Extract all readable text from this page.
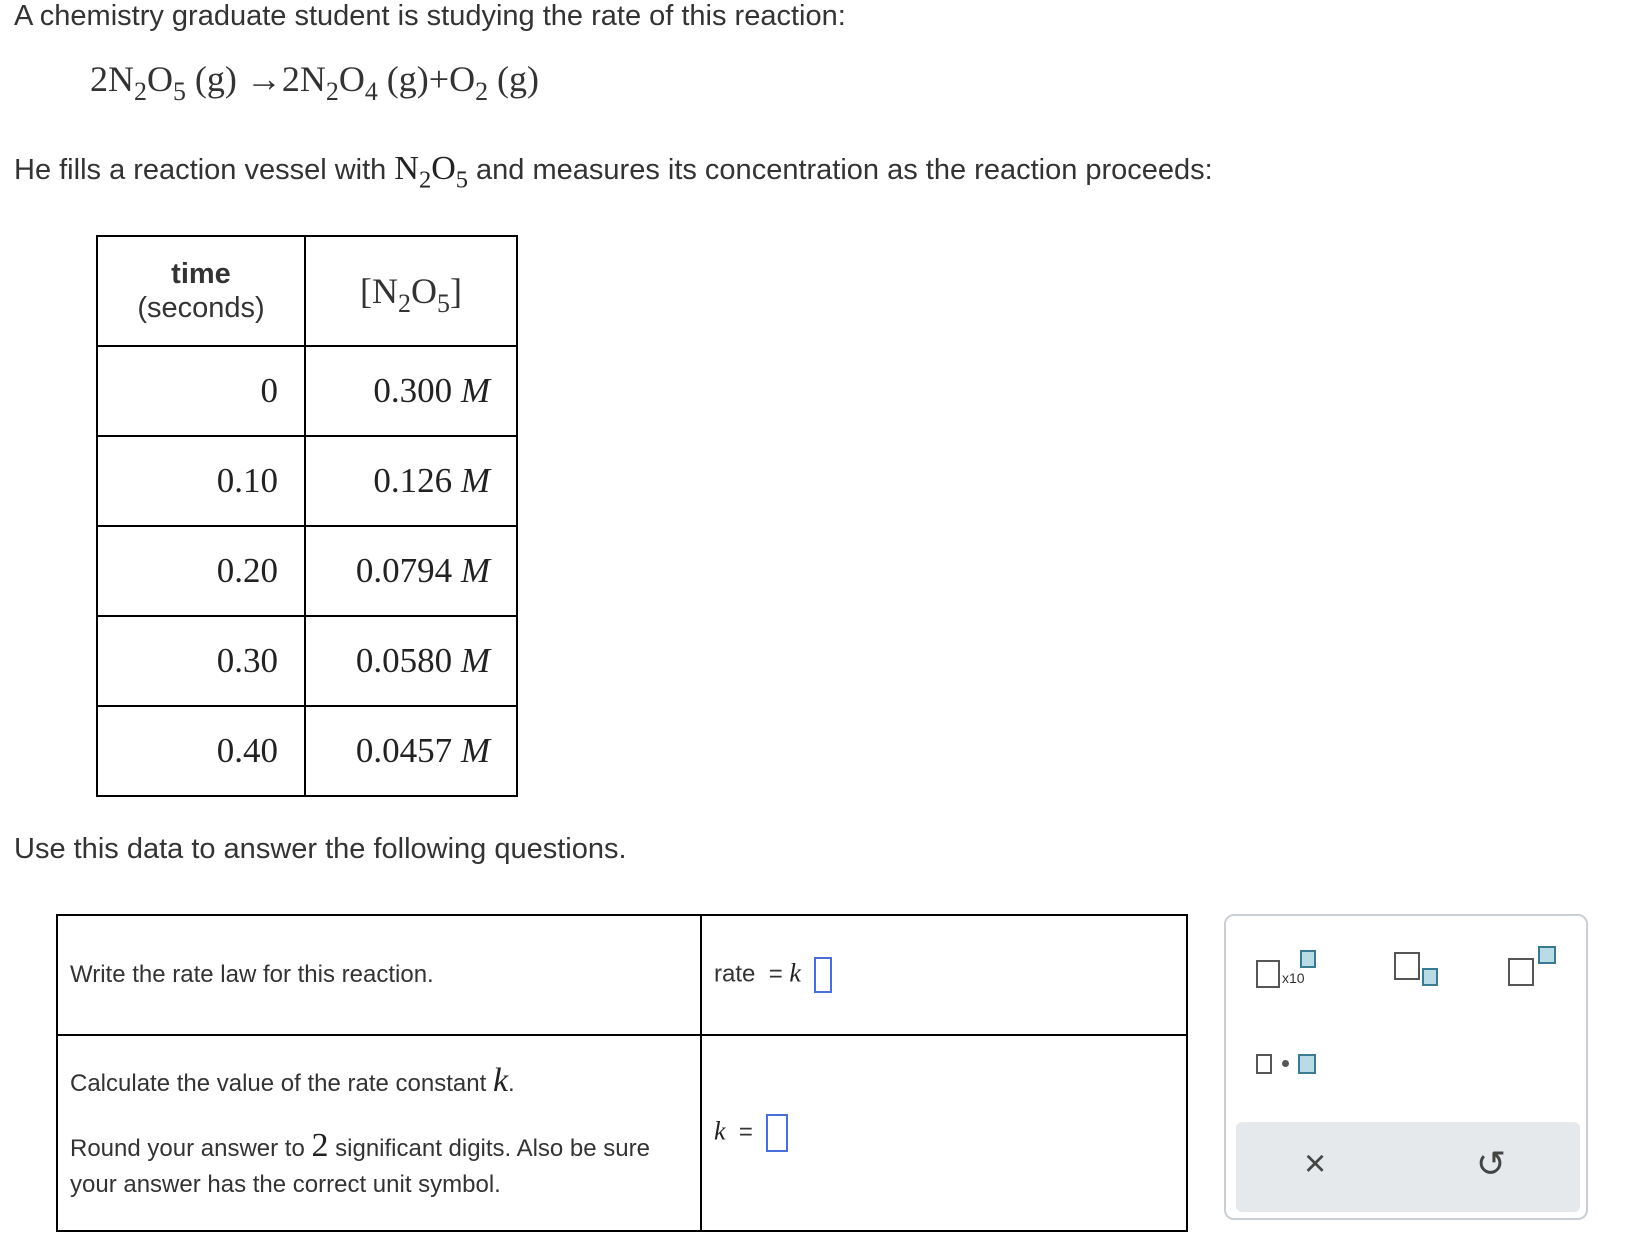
A chemistry graduate student is studying the rate of this reaction:
$2N_2O_5$ $(g) \to 2N_2O_4$ $(g)+O_2$ (g)
He fills a reaction vessel with $N_2O_5$ and measures its concentration as the reaction proceeds:
time
(seconds)	$[N_2O_5]$
0	0.300 M
0.10	0.126 M
0.20	0.0794 M
0.30	0.0580 M
0.40	0.0457 M
Use this data to answer the following questions.
Write the rate law for this reaction.	rate = k
Calculate the value of the rate constant k.
Round your answer to 2 significant digits. Also be sure your answer has the correct unit symbol.	k =
x10
×	↺
